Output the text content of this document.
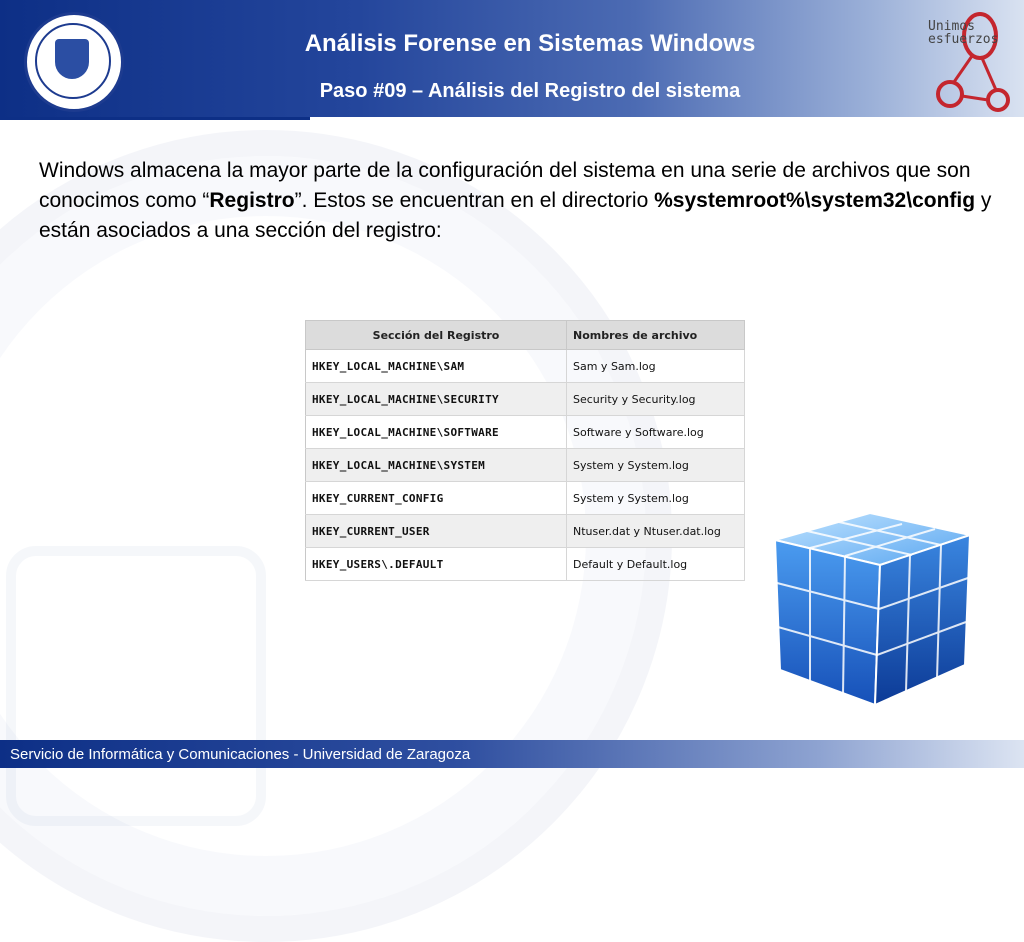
Análisis Forense en Sistemas Windows
Paso #09 – Análisis del Registro del sistema
Unimos
esfuerzos
Windows almacena la mayor parte de la configuración del sistema en una serie de archivos que son conocimos como “Registro”. Estos se encuentran en el directorio %systemroot%\system32\config y están asociados a una sección del registro:
Sección del Registro	Nombres de archivo
HKEY_LOCAL_MACHINE\SAM	Sam y Sam.log
HKEY_LOCAL_MACHINE\SECURITY	Security y Security.log
HKEY_LOCAL_MACHINE\SOFTWARE	Software y Software.log
HKEY_LOCAL_MACHINE\SYSTEM	System y System.log
HKEY_CURRENT_CONFIG	System y System.log
HKEY_CURRENT_USER	Ntuser.dat y Ntuser.dat.log
HKEY_USERS\.DEFAULT	Default y Default.log
Servicio de Informática y Comunicaciones - Universidad de Zaragoza
